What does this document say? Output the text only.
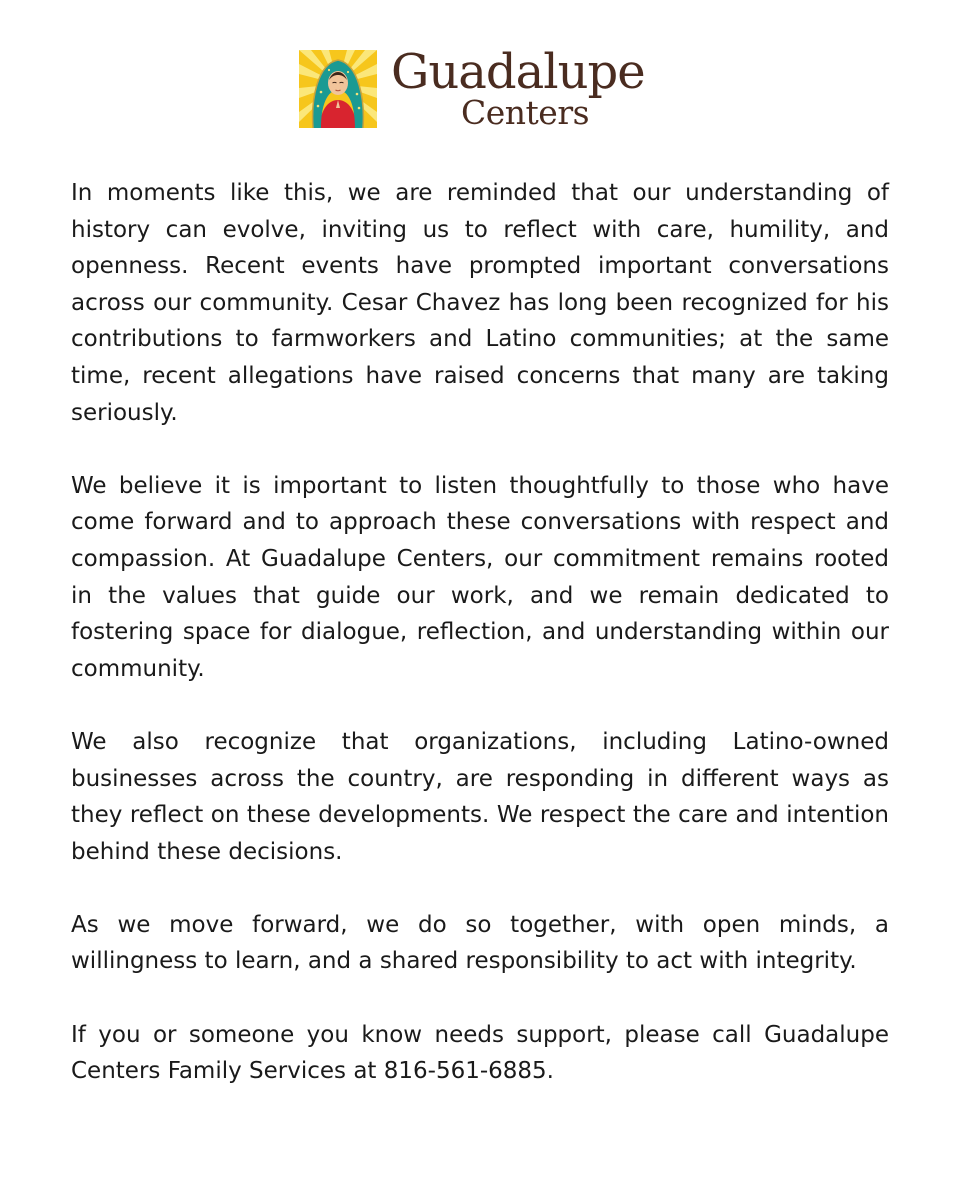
Guadalupe
Centers

In moments like this, we are reminded that our understanding of history can evolve, inviting us to reflect with care, humility, and openness. Recent events have prompted important conversations across our community. Cesar Chavez has long been recognized for his contributions to farmworkers and Latino communities; at the same time, recent allegations have raised concerns that many are taking seriously.

We believe it is important to listen thoughtfully to those who have come forward and to approach these conversations with respect and compassion. At Guadalupe Centers, our commitment remains rooted in the values that guide our work, and we remain dedicated to fostering space for dialogue, reflection, and understanding within our community.

We also recognize that organizations, including Latino-owned businesses across the country, are responding in different ways as they reflect on these developments. We respect the care and intention behind these decisions.

As we move forward, we do so together, with open minds, a willingness to learn, and a shared responsibility to act with integrity.

If you or someone you know needs support, please call Guadalupe Centers Family Services at 816-561-6885.
